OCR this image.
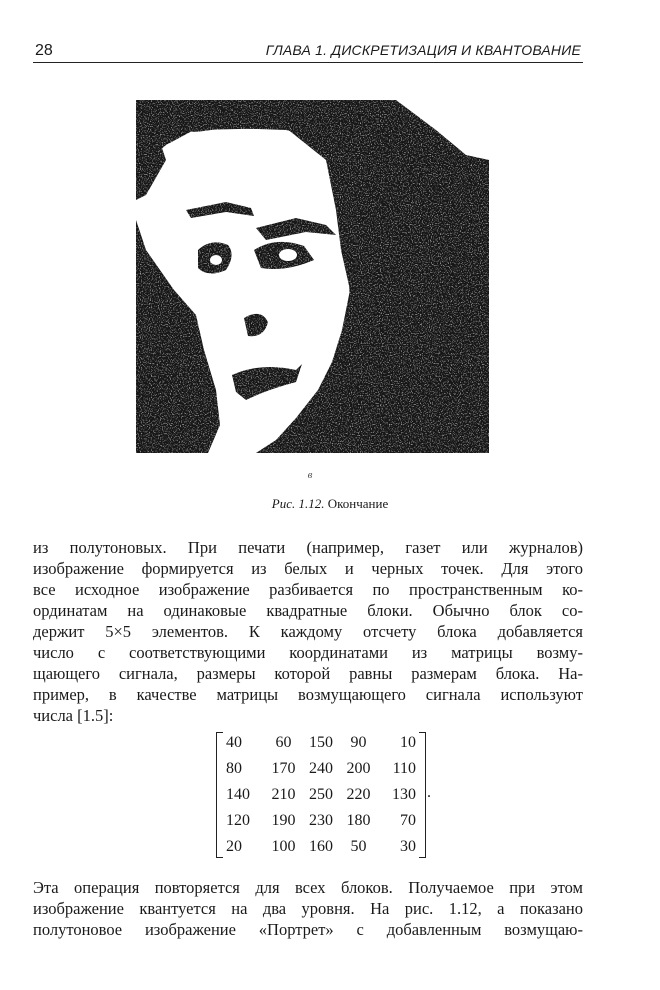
28	ГЛАВА 1. ДИСКРЕТИЗАЦИЯ И КВАНТОВАНИЕ
в
Рис. 1.12. Окончание
из полутоновых. При печати (например, газет или журналов)
изображение формируется из белых и черных точек. Для этого
все исходное изображение разбивается по пространственным ко-
ординатам на одинаковые квадратные блоки. Обычно блок со-
держит 5×5 элементов. К каждому отсчету блока добавляется
число с соответствующими координатами из матрицы возму-
щающего сигнала, размеры которой равны размерам блока. На-
пример, в качестве матрицы возмущающего сигнала используют
числа [1.5]:
40	60	150	90	10
80	170	240	200	110
140	210	250	220	130
120	190	230	180	70
20	100	160	50	30
.
Эта операция повторяется для всех блоков. Получаемое при этом
изображение квантуется на два уровня. На рис. 1.12, а показано
полутоновое изображение «Портрет» с добавленным возмущаю-
